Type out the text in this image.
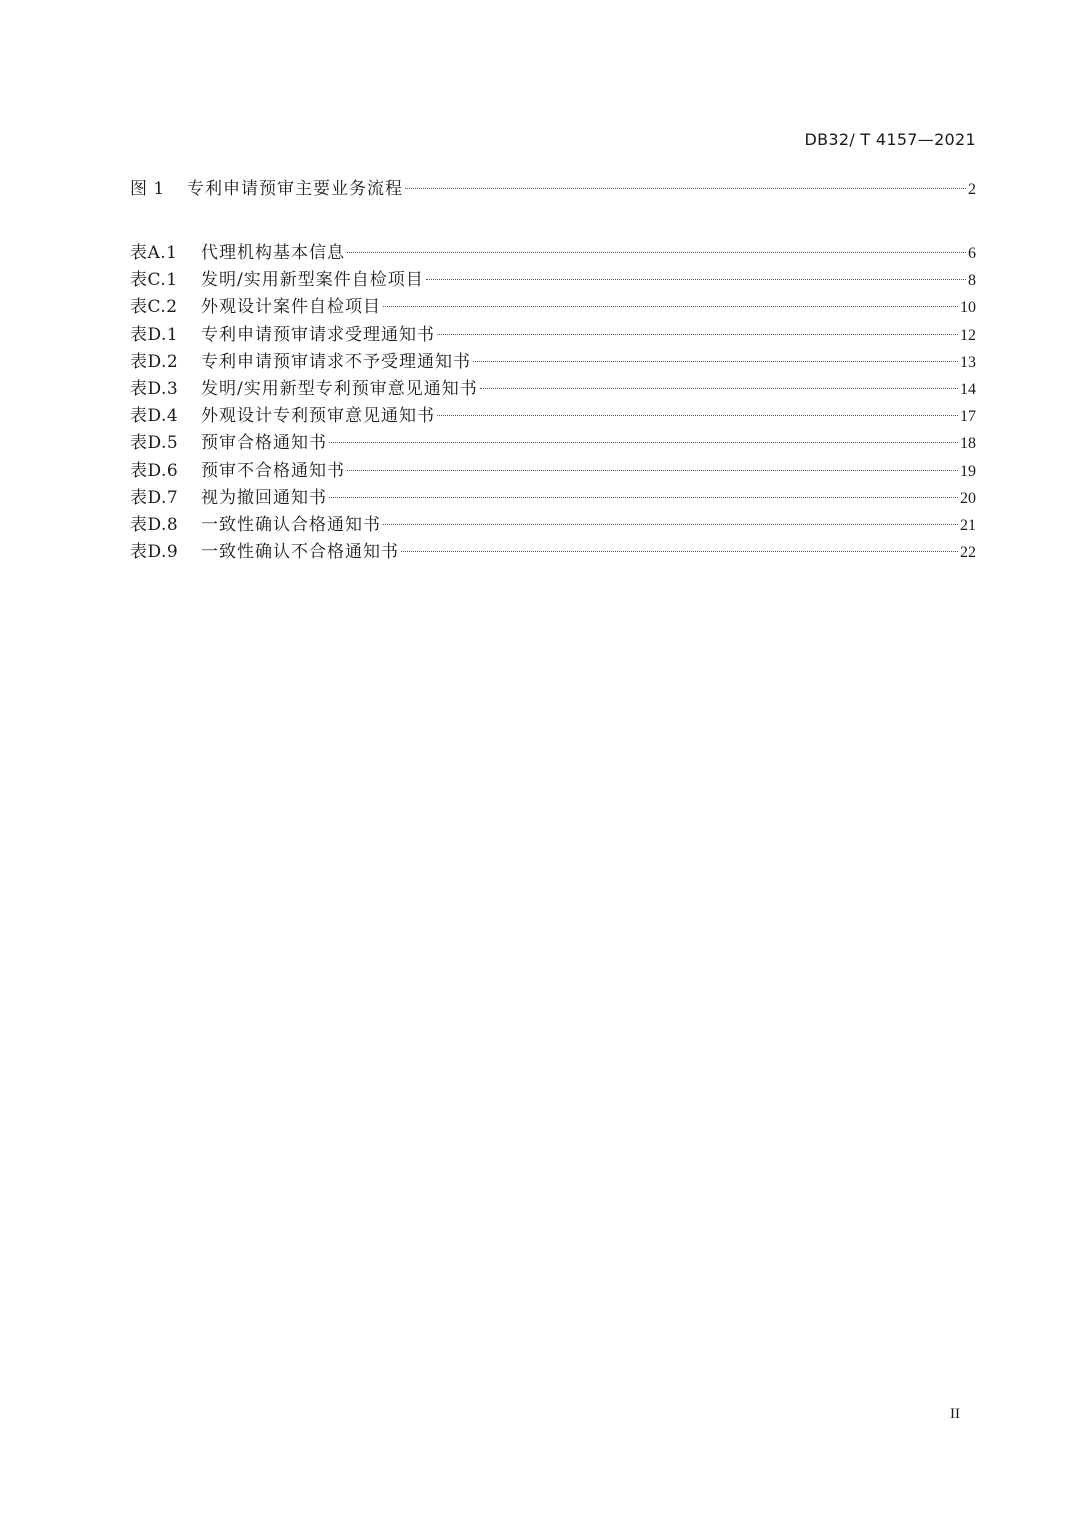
DB32/ T 4157—2021
图 1	专利申请预审主要业务流程	2
表A.1	代理机构基本信息	6
表C.1	发明/实用新型案件自检项目	8
表C.2	外观设计案件自检项目	10
表D.1	专利申请预审请求受理通知书	12
表D.2	专利申请预审请求不予受理通知书	13
表D.3	发明/实用新型专利预审意见通知书	14
表D.4	外观设计专利预审意见通知书	17
表D.5	预审合格通知书	18
表D.6	预审不合格通知书	19
表D.7	视为撤回通知书	20
表D.8	一致性确认合格通知书	21
表D.9	一致性确认不合格通知书	22
II
